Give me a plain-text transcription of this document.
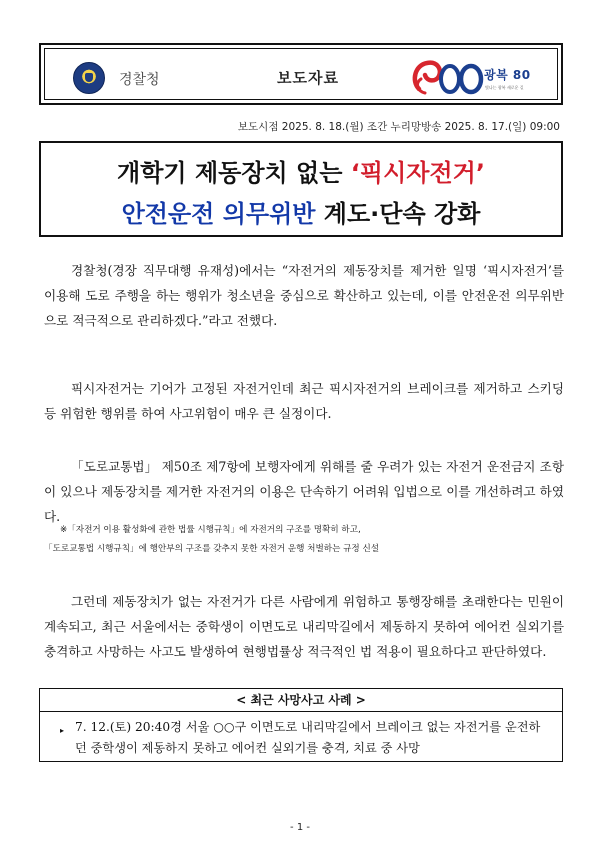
경찰청	보도자료	광복 80
빛나는 광복 새로운 길
보도시점 2025. 8. 18.(월) 조간 누리망방송 2025. 8. 17.(일) 09:00
개학기 제동장치 없는 ‘픽시자전거’
안전운전 의무위반 계도·단속 강화

경찰청(경장 직무대행 유재성)에서는 “자전거의 제동장치를 제거한 일명 ‘픽시자전거’를 이용해 도로 주행을 하는 행위가 청소년을 중심으로 확산하고 있는데, 이를 안전운전 의무위반으로 적극적으로 관리하겠다.”라고 전했다.

픽시자전거는 기어가 고정된 자전거인데 최근 픽시자전거의 브레이크를 제거하고 스키딩 등 위험한 행위를 하여 사고위험이 매우 큰 실정이다.

「도로교통법」 제50조 제7항에 보행자에게 위해를 줄 우려가 있는 자전거 운전금지 조항이 있으나 제동장치를 제거한 자전거의 이용은 단속하기 어려워 입법으로 이를 개선하려고 하였다.

※「자전거 이용 활성화에 관한 법률 시행규칙」에 자전거의 구조를 명확히 하고,
「도로교통법 시행규칙」에 행안부의 구조를 갖추지 못한 자전거 운행 처벌하는 규정 신설

그런데 제동장치가 없는 자전거가 다른 사람에게 위험하고 통행장해를 초래한다는 민원이 계속되고, 최근 서울에서는 중학생이 이면도로 내리막길에서 제동하지 못하여 에어컨 실외기를 충격하고 사망하는 사고도 발생하여 현행법률상 적극적인 법 적용이 필요하다고 판단하였다.

< 최근 사망사고 사례 >
▸ 7. 12.(토) 20:40경 서울 ○○구 이면도로 내리막길에서 브레이크 없는 자전거를 운전하던 중학생이 제동하지 못하고 에어컨 실외기를 충격, 치료 중 사망
- 1 -
